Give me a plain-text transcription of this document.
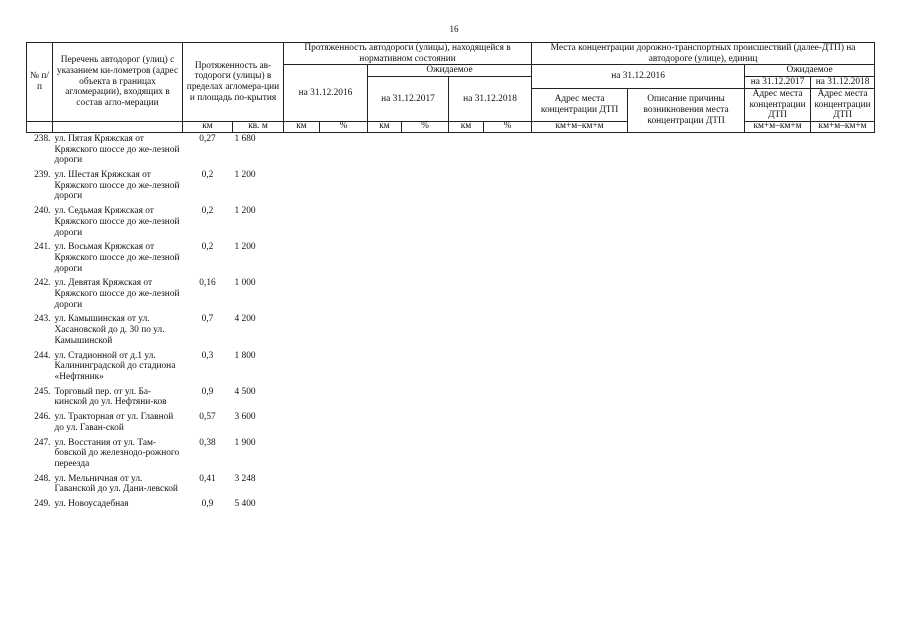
16
№ п/п	Перечень автодорог (улиц) с указанием ки-лометров (адрес объекта в границах агломерации), входящих в состав агло-мерации	Протяженность ав-тодороги (улицы) в пределах агломера-ции и площадь по-крытия		Протяженность автодороги (улицы), находящейся в нормативном состоянии						Места концентрации дорожно-транспортных происшествий (далее-ДТП) на автодороге (улице), единиц			
				на 31.12.2016		Ожидаемое				на 31.12.2016		Ожидаемое	
						на 31.12.2017		на 31.12.2018				на 31.12.2017	на 31.12.2018
										Адрес места концентрации ДТП	Описание причины возникновения места концентрации ДТП	Адрес места концентрации ДТП	Адрес места концентрации ДТП
		км	кв. м	км	%	км	%	км	%	км+м–км+м		км+м–км+м	км+м–км+м
238.	ул. Пятая Кряжская от Кряжского шоссе до же-лезной дороги	0,27	1 680										
239.	ул. Шестая Кряжская от Кряжского шоссе до же-лезной дороги	0,2	1 200										
240.	ул. Седьмая Кряжская от Кряжского шоссе до же-лезной дороги	0,2	1 200										
241.	ул. Восьмая Кряжская от Кряжского шоссе до же-лезной дороги	0,2	1 200										
242.	ул. Девятая Кряжская от Кряжского шоссе до же-лезной дороги	0,16	1 000										
243.	ул. Камышинская от ул. Хасановской до д. 30 по ул. Камышинской	0,7	4 200										
244.	ул. Стадионной от д.1 ул. Калининградской до стадиона «Нефтяник»	0,3	1 800										
245.	Торговый пер. от ул. Ба-кинской до ул. Нефтяни-ков	0,9	4 500										
246.	ул. Тракторная от ул. Главной до ул. Гаван-ской	0,57	3 600										
247.	ул. Восстания от ул. Там-бовской до железнодо-рожного переезда	0,38	1 900										
248.	ул. Мельничная от ул. Гаванской до ул. Дани-левской	0,41	3 248										
249.	ул. Новоусадебная	0,9	5 400										
